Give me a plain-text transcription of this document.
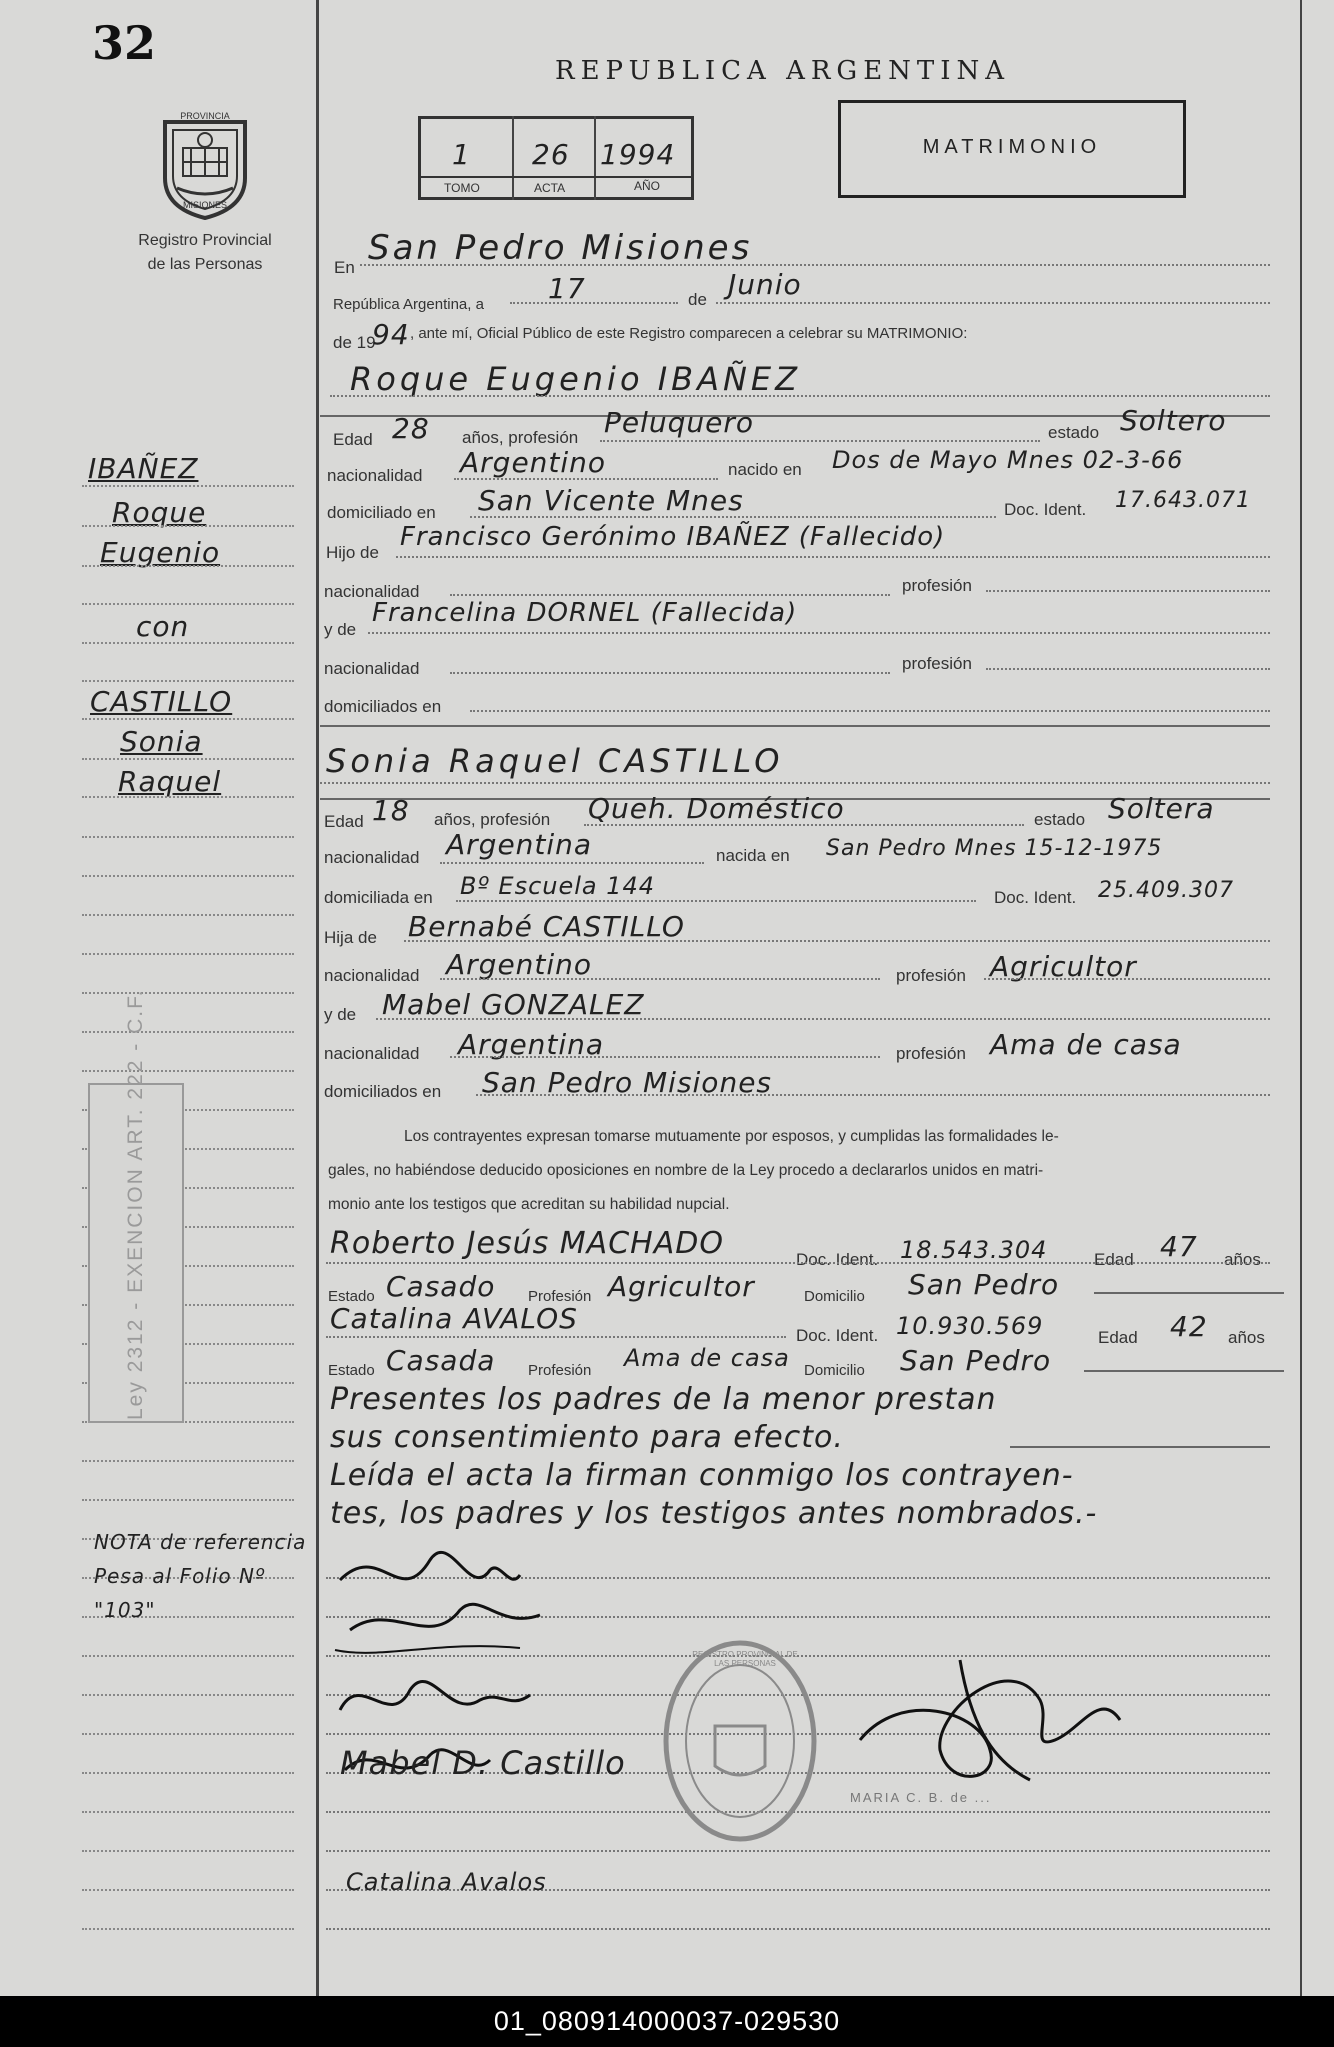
32
PROVINCIA
MISIONES
Registro Provincial
de las Personas
REPUBLICA ARGENTINA
1 26 1994
TOMO	ACTA	AÑO
MATRIMONIO
IBAÑEZ
Roque
Eugenio
con
CASTILLO
Sonia
Raquel
Ley 2312 - EXENCION ART. 222 - C.F.
NOTA de referencia
Pesa al Folio Nº
"103"
En San Pedro Misiones
República Argentina, a 17	de Junio
de 19
94 , ante mí, Oficial Público de este Registro comparecen a celebrar su MATRIMONIO:
Roque Eugenio IBAÑEZ
Edad 28 años, profesión Peluquero	estado Soltero
nacionalidad Argentino	nacido en Dos de Mayo Mnes 02-3-66
domiciliado en San Vicente Mnes	Doc. Ident. 17.643.071
Hijo de
Francisco Gerónimo IBAÑEZ (Fallecido)
nacionalidad	profesión
y de
Francelina DORNEL (Fallecida)
nacionalidad	profesión
domiciliados en
Sonia Raquel CASTILLO
Edad 18 años, profesión Queh. Doméstico	estado Soltera
nacionalidad Argentina	nacida en San Pedro Mnes 15-12-1975
domiciliada en Bº Escuela 144	Doc. Ident. 25.409.307
Hija de Bernabé CASTILLO
nacionalidad Argentino	profesión Agricultor
y de Mabel GONZALEZ
nacionalidad Argentina	profesión Ama de casa
domiciliados en San Pedro Misiones
Los contrayentes expresan tomarse mutuamente por esposos, y cumplidas las formalidades le-
gales, no habiéndose deducido oposiciones en nombre de la Ley procedo a declararlos unidos en matri-
monio ante los testigos que acreditan su habilidad nupcial.
Roberto Jesús MACHADO	Doc. Ident. 18.543.304	Edad 47 años
Estado Casado Profesión Agricultor	Domicilio San Pedro
Catalina AVALOS
Doc. Ident. 10.930.569	Edad 42 años
Estado Casada Profesión Ama de casa Domicilio San Pedro
Presentes los padres de la menor prestan
sus consentimiento para efecto.
Leída el acta la firman conmigo los contrayen-
tes, los padres y los testigos antes nombrados.-
Mabel D. Castillo
Catalina Avalos
REGISTRO PROVINCIAL DE LAS PERSONAS
MARIA C. B. de ...
01_080914000037-029530
